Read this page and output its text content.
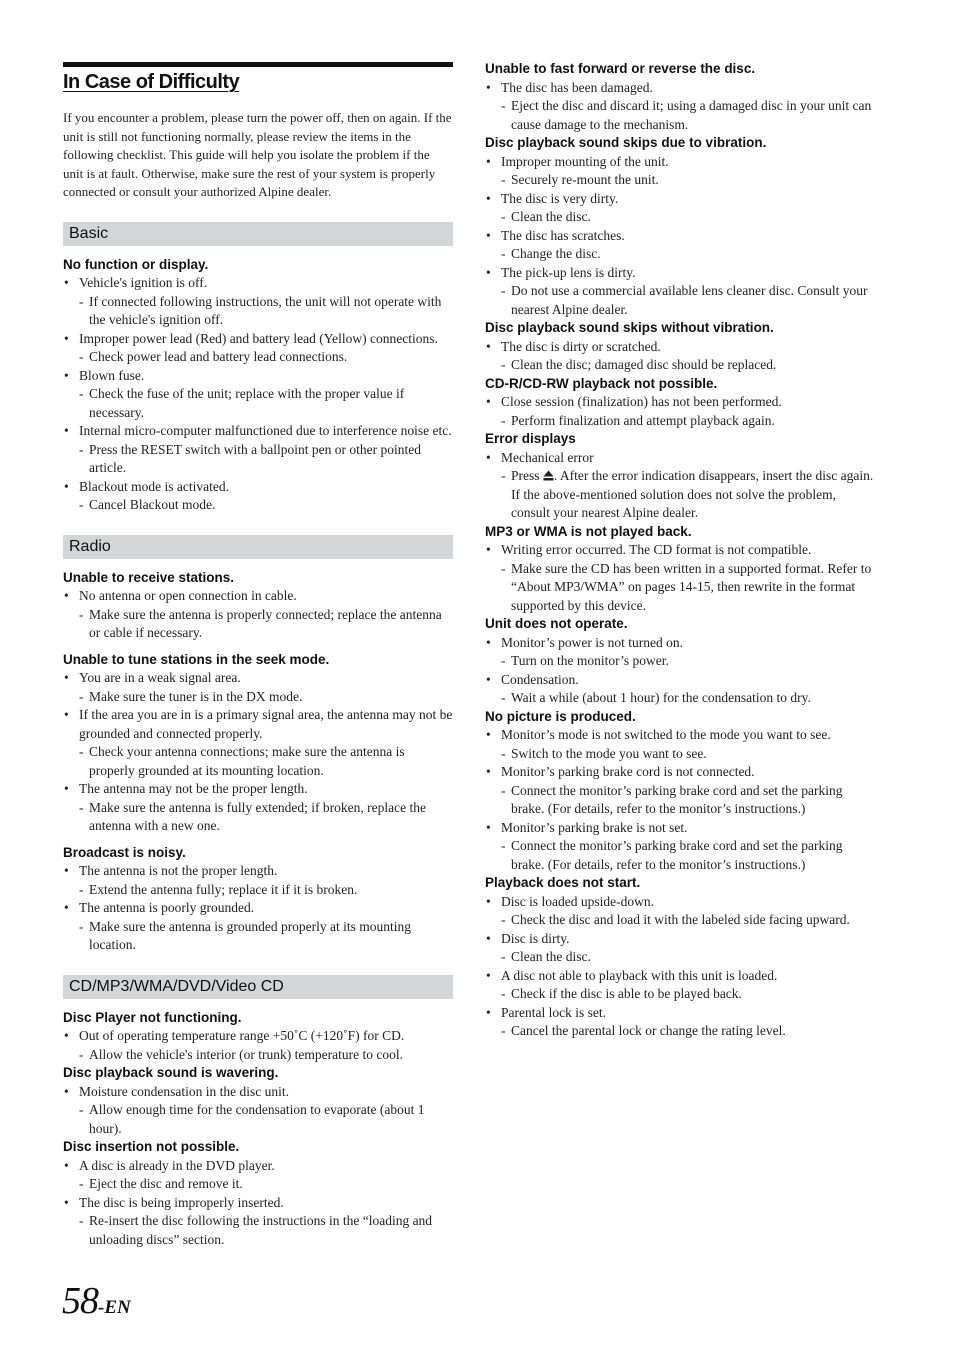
In Case of Difficulty

If you encounter a problem, please turn the power off, then on again. If the unit is still not functioning normally, please review the items in the following checklist. This guide will help you isolate the problem if the unit is at fault. Otherwise, make sure the rest of your system is properly connected or consult your authorized Alpine dealer.

Basic
No function or display.
• Vehicle's ignition is off.
- If connected following instructions, the unit will not operate with the vehicle's ignition off.
• Improper power lead (Red) and battery lead (Yellow) connections.
- Check power lead and battery lead connections.
• Blown fuse.
- Check the fuse of the unit; replace with the proper value if necessary.
• Internal micro-computer malfunctioned due to interference noise etc.
- Press the RESET switch with a ballpoint pen or other pointed article.
• Blackout mode is activated.
- Cancel Blackout mode.
Radio
Unable to receive stations.
• No antenna or open connection in cable.
- Make sure the antenna is properly connected; replace the antenna or cable if necessary.
Unable to tune stations in the seek mode.
• You are in a weak signal area.
- Make sure the tuner is in the DX mode.
• If the area you are in is a primary signal area, the antenna may not be grounded and connected properly.
- Check your antenna connections; make sure the antenna is properly grounded at its mounting location.
• The antenna may not be the proper length.
- Make sure the antenna is fully extended; if broken, replace the antenna with a new one.
Broadcast is noisy.
• The antenna is not the proper length.
- Extend the antenna fully; replace it if it is broken.
• The antenna is poorly grounded.
- Make sure the antenna is grounded properly at its mounting location.
CD/MP3/WMA/DVD/Video CD
Disc Player not functioning.
• Out of operating temperature range +50˚C (+120˚F) for CD.
- Allow the vehicle's interior (or trunk) temperature to cool.
Disc playback sound is wavering.
• Moisture condensation in the disc unit.
- Allow enough time for the condensation to evaporate (about 1 hour).
Disc insertion not possible.
• A disc is already in the DVD player.
- Eject the disc and remove it.
• The disc is being improperly inserted.
- Re-insert the disc following the instructions in the “loading and unloading discs” section.
Unable to fast forward or reverse the disc.
• The disc has been damaged.
- Eject the disc and discard it; using a damaged disc in your unit can cause damage to the mechanism.
Disc playback sound skips due to vibration.
• Improper mounting of the unit.
- Securely re-mount the unit.
• The disc is very dirty.
- Clean the disc.
• The disc has scratches.
- Change the disc.
• The pick-up lens is dirty.
- Do not use a commercial available lens cleaner disc. Consult your nearest Alpine dealer.
Disc playback sound skips without vibration.
• The disc is dirty or scratched.
- Clean the disc; damaged disc should be replaced.
CD-R/CD-RW playback not possible.
• Close session (finalization) has not been performed.
- Perform finalization and attempt playback again.
Error displays
• Mechanical error
- Press . After the error indication disappears, insert the disc again. If the above-mentioned solution does not solve the problem, consult your nearest Alpine dealer.
MP3 or WMA is not played back.
• Writing error occurred. The CD format is not compatible.
- Make sure the CD has been written in a supported format. Refer to “About MP3/WMA” on pages 14-15, then rewrite in the format supported by this device.
Unit does not operate.
• Monitor’s power is not turned on.
- Turn on the monitor’s power.
• Condensation.
- Wait a while (about 1 hour) for the condensation to dry.
No picture is produced.
• Monitor’s mode is not switched to the mode you want to see.
- Switch to the mode you want to see.
• Monitor’s parking brake cord is not connected.
- Connect the monitor’s parking brake cord and set the parking brake. (For details, refer to the monitor’s instructions.)
• Monitor’s parking brake is not set.
- Connect the monitor’s parking brake cord and set the parking brake. (For details, refer to the monitor’s instructions.)
Playback does not start.
• Disc is loaded upside-down.
- Check the disc and load it with the labeled side facing upward.
• Disc is dirty.
- Clean the disc.
• A disc not able to playback with this unit is loaded.
- Check if the disc is able to be played back.
• Parental lock is set.
- Cancel the parental lock or change the rating level.
58-EN
